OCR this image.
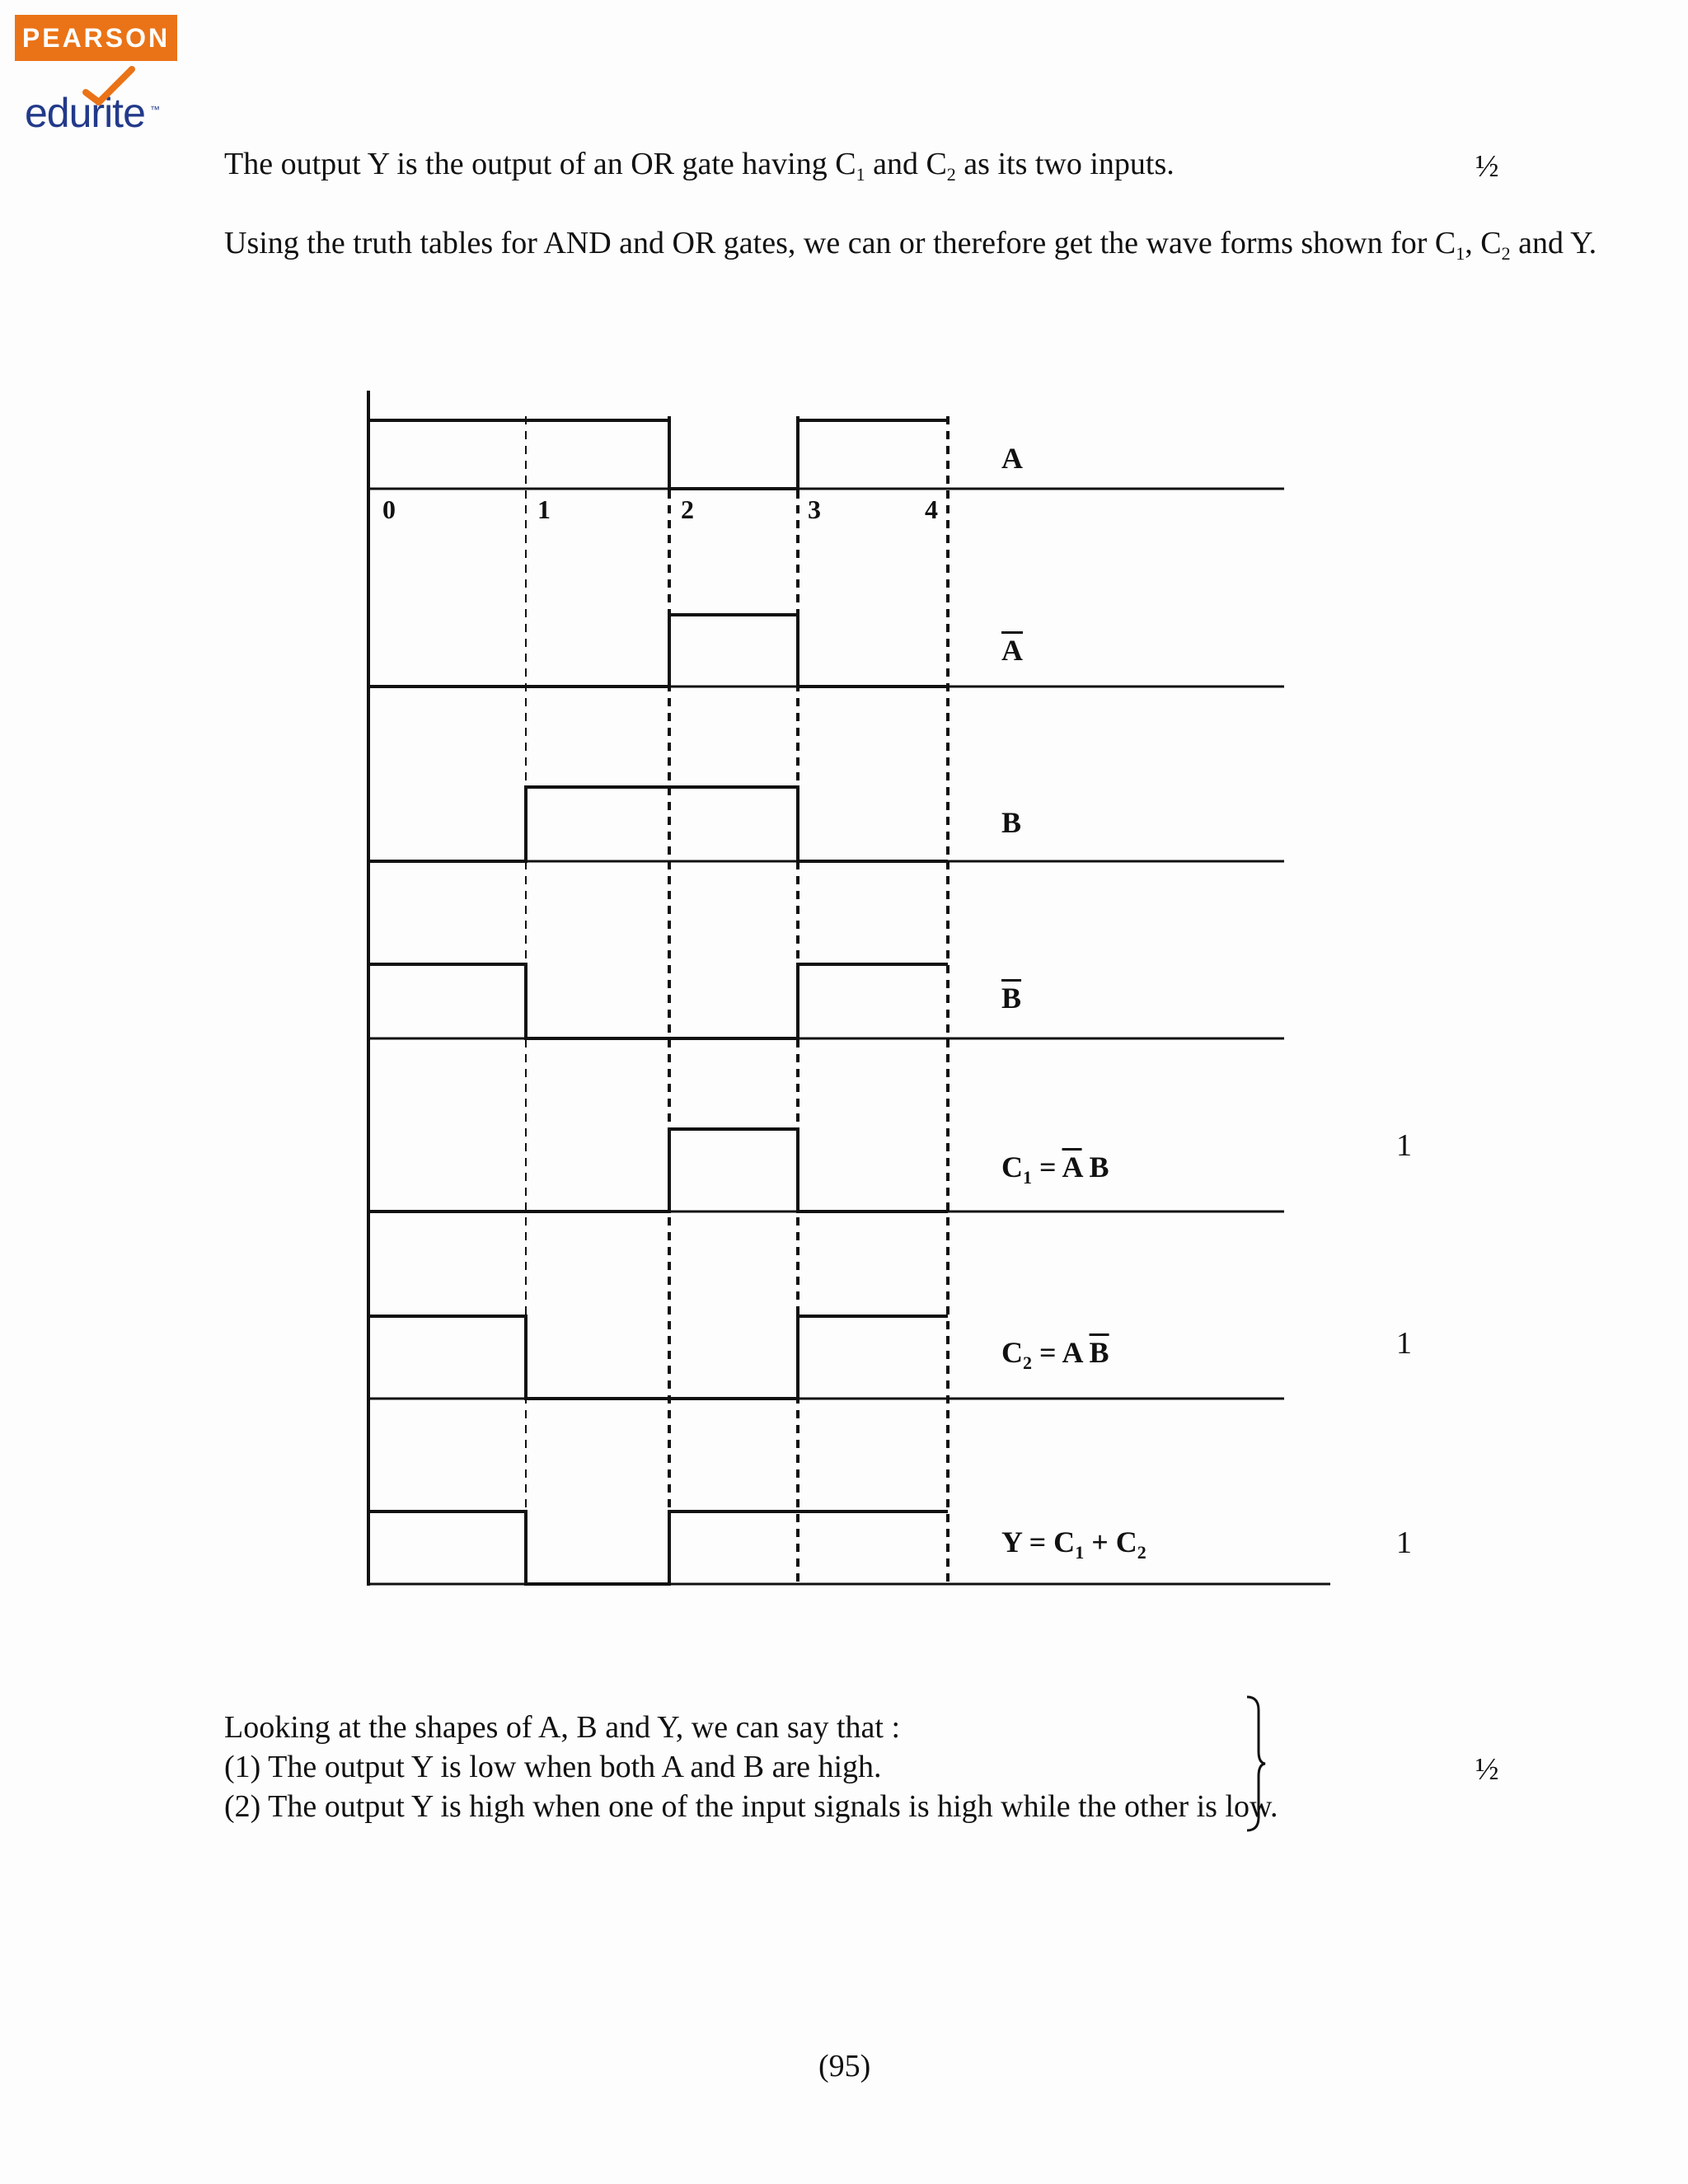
PEARSON
edurite ™
The output Y is the output of an OR gate having $C_1$ and $C_2$ as its two inputs.	½
Using the truth tables for AND and OR gates, we can or therefore get the wave forms shown for $C_1$, $C_2$ and Y.
0	1	2	3	4
A
$\overline{A}$
B
$\overline{B}$
$C_1 = \overline{A}$ B
$C_2 = A$ $\overline{B}$
$Y = C_1 + C_2$
1
1
1
Looking at the shapes of A, B and Y, we can say that :
(1) The output Y is low when both A and B are high.
(2) The output Y is high when one of the input signals is high while the other is low.
½
(95)
